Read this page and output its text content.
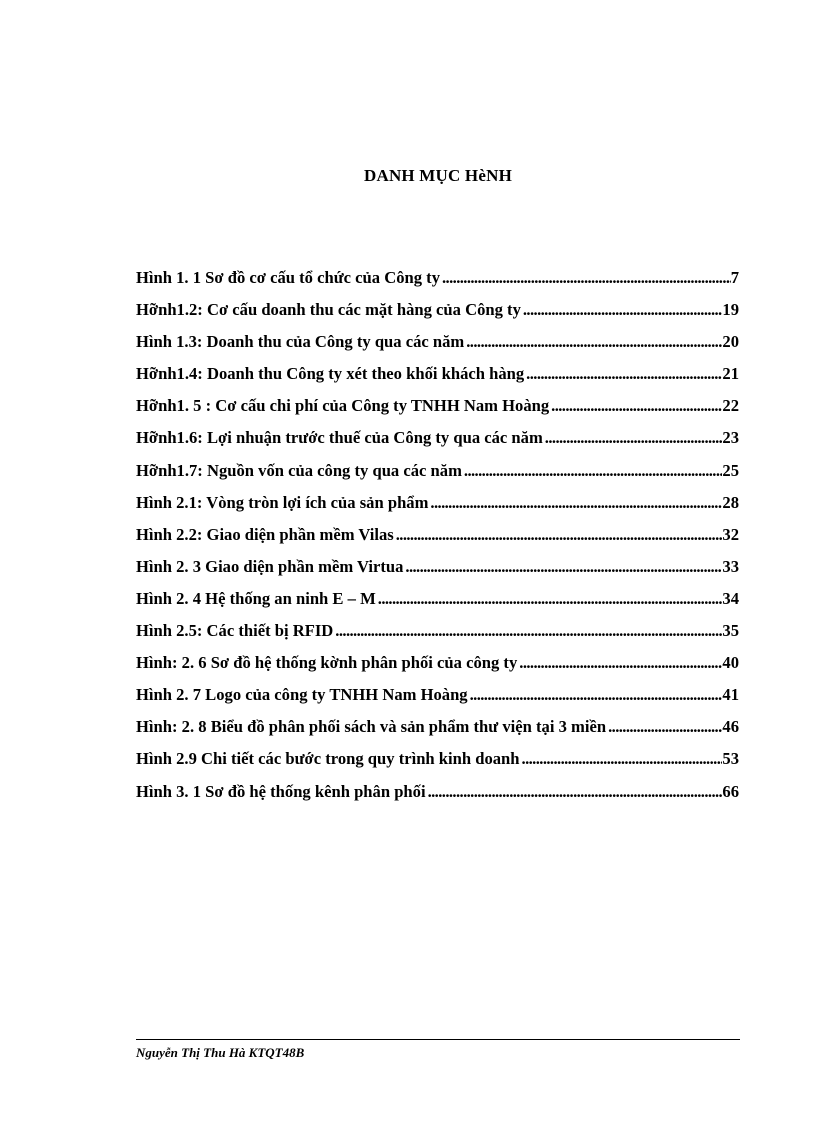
DANH MỤC HèNH
Hình 1. 1 Sơ đồ cơ cấu tổ chức của Công ty .....	7
Hỡnh1.2: Cơ cấu doanh thu các mặt hàng của Công ty .....	19
Hình 1.3: Doanh thu của Công ty qua các năm .....	20
Hỡnh1.4: Doanh thu Công ty xét theo khối khách hàng .....	21
Hỡnh1. 5 : Cơ cấu chi phí của Công ty TNHH Nam Hoàng .....	22
Hỡnh1.6: Lợi nhuận trước thuế của Công ty qua các năm .....	23
Hỡnh1.7: Nguồn vốn của công ty qua các năm .....	25
Hình 2.1: Vòng tròn lợi ích của sản phẩm .....	28
Hình 2.2: Giao diện phần mềm Vilas .....	32
Hình 2. 3 Giao diện phần mềm Virtua .....	33
Hình 2. 4 Hệ thống an ninh E – M .....	34
Hình 2.5: Các thiết bị RFID .....	35
Hình: 2. 6 Sơ đồ hệ thống kờnh phân phối của công ty .....	40
Hình 2. 7 Logo của công ty TNHH Nam Hoàng .....	41
Hình: 2. 8 Biểu đồ phân phối sách và sản phẩm thư viện tại 3 miền .....	46
Hình 2.9 Chi tiết các bước trong quy trình kinh doanh .....	53
Hình 3. 1 Sơ đồ hệ thống kênh phân phối .....	66
Nguyễn Thị Thu Hà KTQT48B
